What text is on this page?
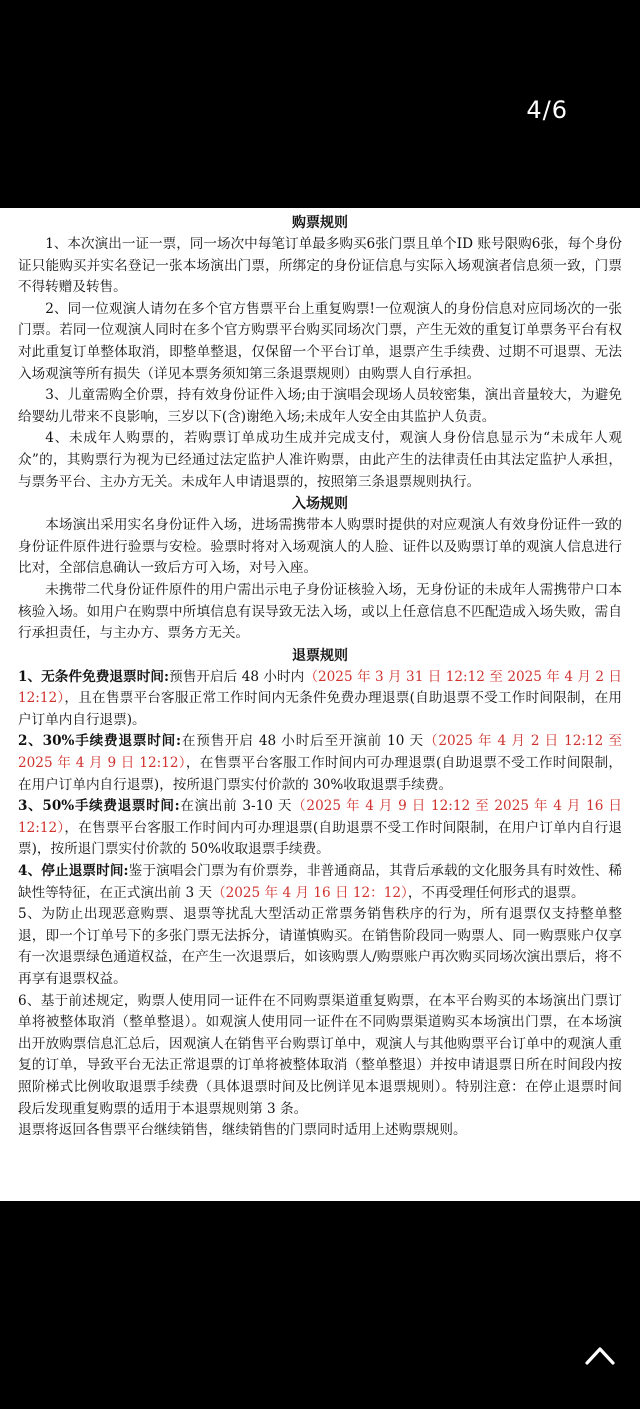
4/6
购票规则

1、本次演出一证一票，同一场次中每笔订单最多购买6张门票且单个ID 账号限购6张，每个身份证只能购买并实名登记一张本场演出门票，所绑定的身份证信息与实际入场观演者信息须一致，门票不得转赠及转售。

2、同一位观演人请勿在多个官方售票平台上重复购票!一位观演人的身份信息对应同场次的一张门票。若同一位观演人同时在多个官方购票平台购买同场次门票，产生无效的重复订单票务平台有权对此重复订单整体取消，即整单整退，仅保留一个平台订单，退票产生手续费、过期不可退票、无法入场观演等所有损失（详见本票务须知第三条退票规则）由购票人自行承担。

3、儿童需购全价票，持有效身份证件入场;由于演唱会现场人员较密集，演出音量较大，为避免给婴幼儿带来不良影响，三岁以下(含)谢绝入场;未成年人安全由其监护人负责。

4、未成年人购票的，若购票订单成功生成并完成支付，观演人身份信息显示为“未成年人观众”的，其购票行为视为已经通过法定监护人准许购票，由此产生的法律责任由其法定监护人承担，与票务平台、主办方无关。未成年人申请退票的，按照第三条退票规则执行。

入场规则

本场演出采用实名身份证件入场，进场需携带本人购票时提供的对应观演人有效身份证件一致的身份证件原件进行验票与安检。验票时将对入场观演人的人脸、证件以及购票订单的观演人信息进行比对，全部信息确认一致后方可入场，对号入座。

未携带二代身份证件原件的用户需出示电子身份证核验入场，无身份证的未成年人需携带户口本核验入场。如用户在购票中所填信息有误导致无法入场，或以上任意信息不匹配造成入场失败，需自行承担责任，与主办方、票务方无关。

退票规则

1、无条件免费退票时间:预售开启后 48 小时内（2025 年 3 月 31 日 12:12 至 2025 年 4 月 2 日 12:12），且在售票平台客服正常工作时间内无条件免费办理退票(自助退票不受工作时间限制，在用户订单内自行退票)。

2、30%手续费退票时间:在预售开启 48 小时后至开演前 10 天（2025 年 4 月 2 日 12:12 至 2025 年 4 月 9 日 12:12），在售票平台客服工作时间内可办理退票(自助退票不受工作时间限制，在用户订单内自行退票)，按所退门票实付价款的 30%收取退票手续费。

3、50%手续费退票时间:在演出前 3-10 天（2025 年 4 月 9 日 12:12 至 2025 年 4 月 16 日 12:12），在售票平台客服工作时间内可办理退票(自助退票不受工作时间限制，在用户订单内自行退票)，按所退门票实付价款的 50%收取退票手续费。

4、停止退票时间:鉴于演唱会门票为有价票券，非普通商品，其背后承载的文化服务具有时效性、稀缺性等特征，在正式演出前 3 天（2025 年 4 月 16 日 12：12），不再受理任何形式的退票。

5、为防止出现恶意购票、退票等扰乱大型活动正常票务销售秩序的行为，所有退票仅支持整单整退，即一个订单号下的多张门票无法拆分，请谨慎购买。在销售阶段同一购票人、同一购票账户仅享有一次退票绿色通道权益，在产生一次退票后，如该购票人/购票账户再次购买同场次演出票后，将不再享有退票权益。

6、基于前述规定，购票人使用同一证件在不同购票渠道重复购票，在本平台购买的本场演出门票订单将被整体取消（整单整退）。如观演人使用同一证件在不同购票渠道购买本场演出门票，在本场演出开放购票信息汇总后，因观演人在销售平台购票订单中，观演人与其他购票平台订单中的观演人重复的订单，导致平台无法正常退票的订单将被整体取消（整单整退）并按申请退票日所在时间段内按照阶梯式比例收取退票手续费（具体退票时间及比例详见本退票规则）。特别注意：在停止退票时间段后发现重复购票的适用于本退票规则第 3 条。

退票将返回各售票平台继续销售，继续销售的门票同时适用上述购票规则。
